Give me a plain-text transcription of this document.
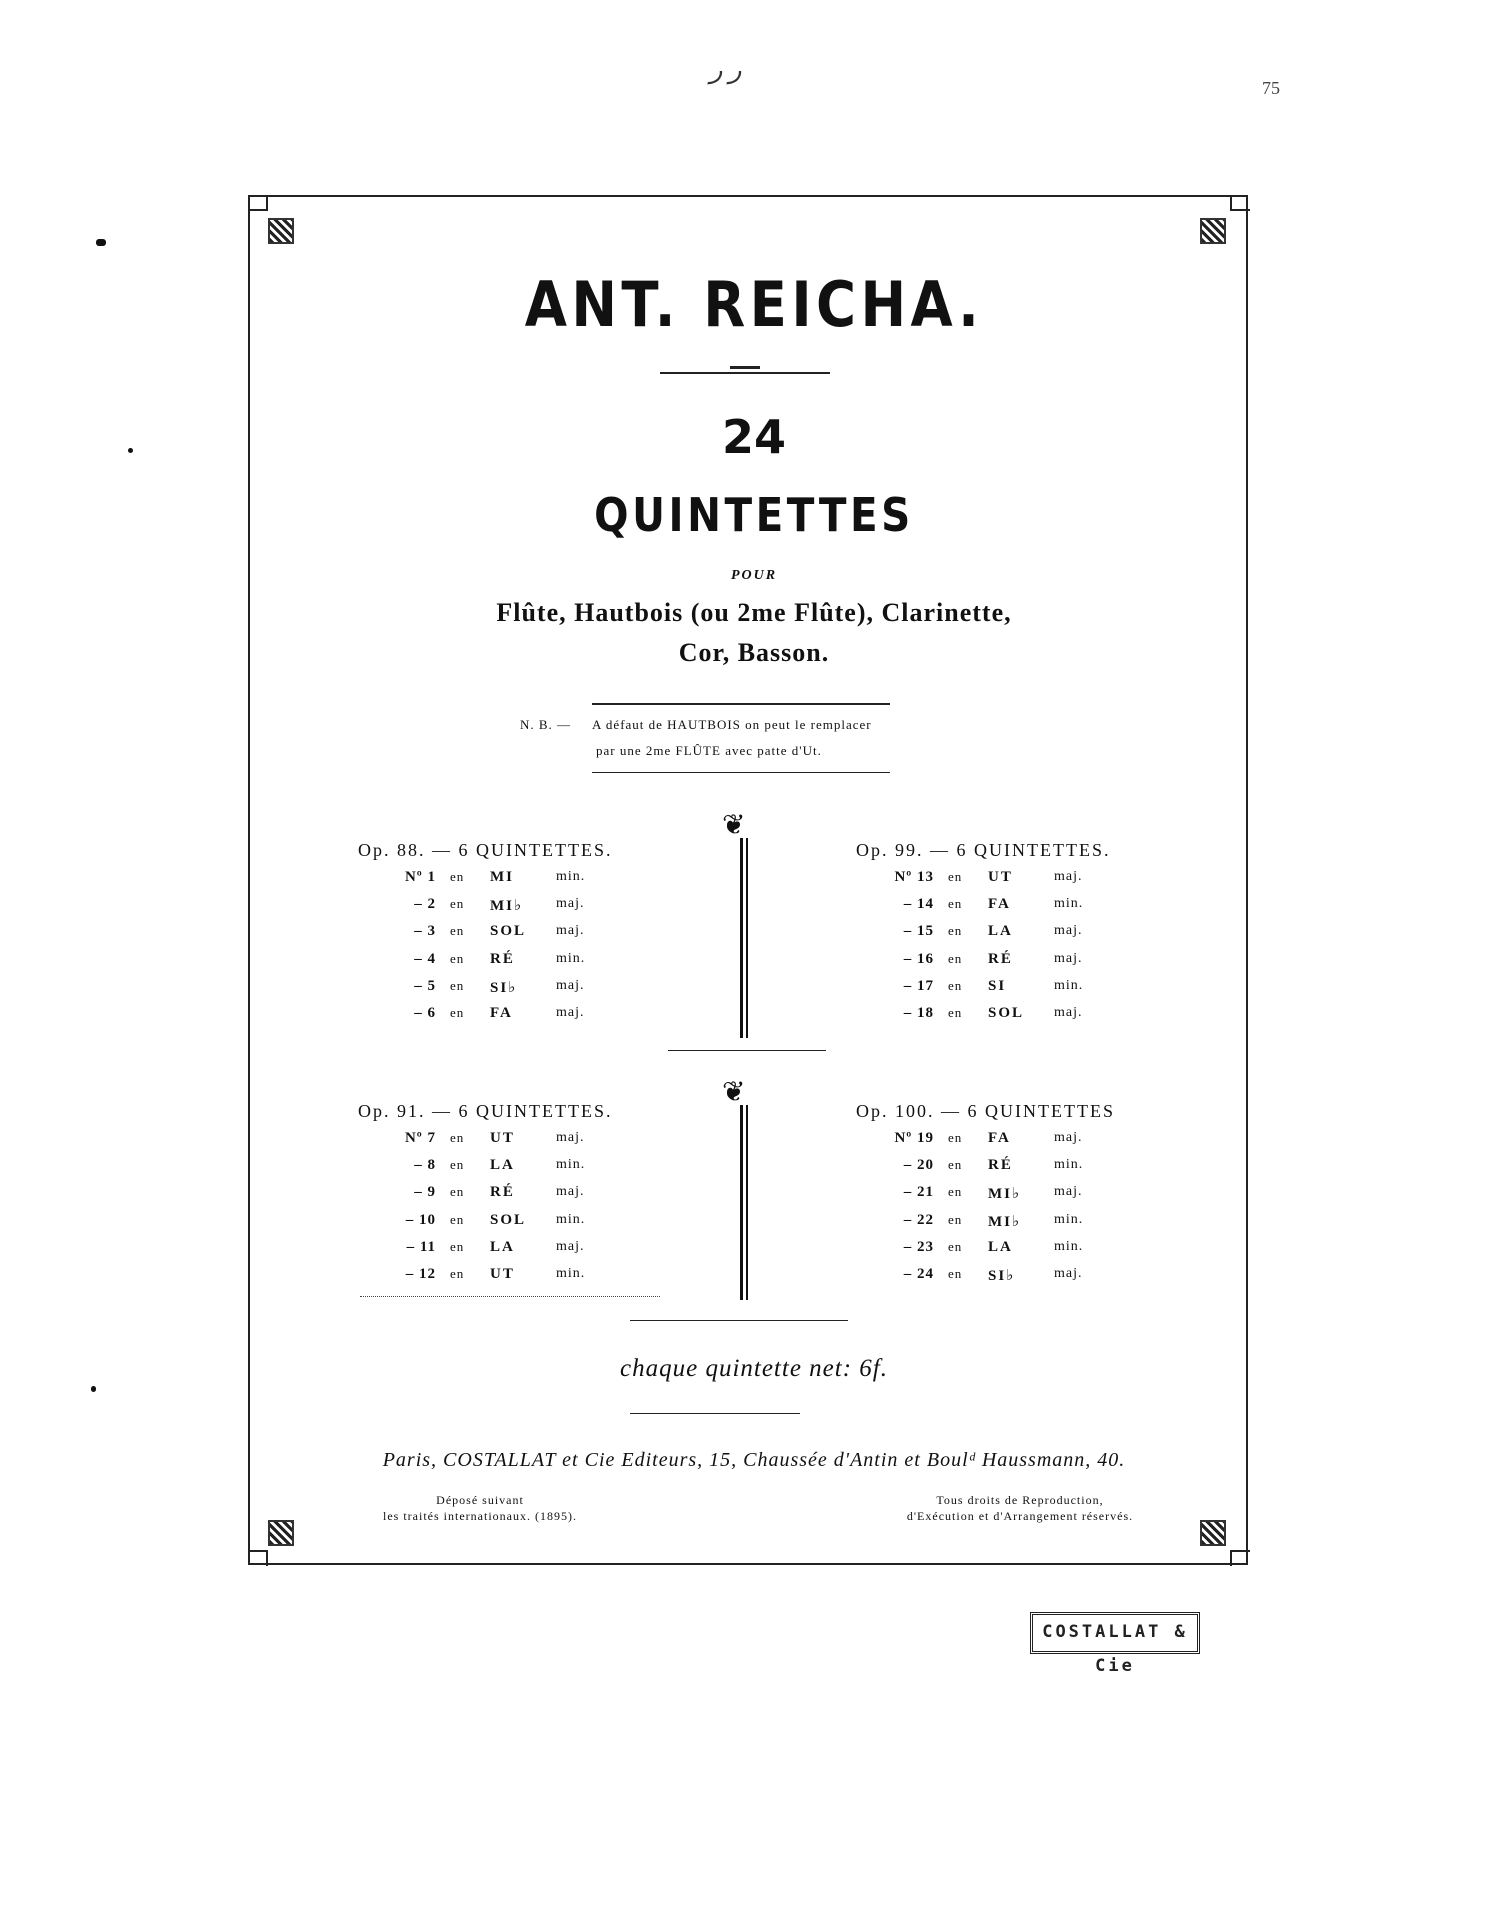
ر ر
75
ANT. REICHA.
24
QUINTETTES
POUR
Flûte, Hautbois (ou 2me Flûte), Clarinette,
Cor, Basson.
N. B. — A défaut de HAUTBOIS on peut le remplacer
par une 2me FLÛTE avec patte d'Ut.
❦
❦
Op. 88. — 6 QUINTETTES.
Nº 1 en MI	min.
– 2 en MI♭ maj.
– 3 en SOL maj.
– 4 en RÉ	min.
– 5 en SI♭	maj.
– 6 en FA	maj.
Op. 99. — 6 QUINTETTES.
Nº 13 en UT	maj.
– 14 en FA	min.
– 15 en LA	maj.
– 16 en RÉ	maj.
– 17 en SI	min.
– 18 en SOL maj.
Op. 91. — 6 QUINTETTES.
Nº 7 en UT	maj.
– 8 en LA	min.
– 9 en RÉ	maj.
– 10 en SOL min.
– 11 en LA	maj.
– 12 en UT	min.
Op. 100. — 6 QUINTETTES
Nº 19 en FA	maj.
– 20 en RÉ	min.
– 21 en MI♭ maj.
– 22 en MI♭ min.
– 23 en LA	min.
– 24 en SI♭	maj.
chaque quintette net: 6f.
Paris, COSTALLAT et Cie Editeurs, 15, Chaussée d'Antin et Boulᵈ Haussmann, 40.
Déposé suivant
les traités internationaux. (1895).
Tous droits de Reproduction,
d'Exécution et d'Arrangement réservés.
COSTALLAT & Cie
